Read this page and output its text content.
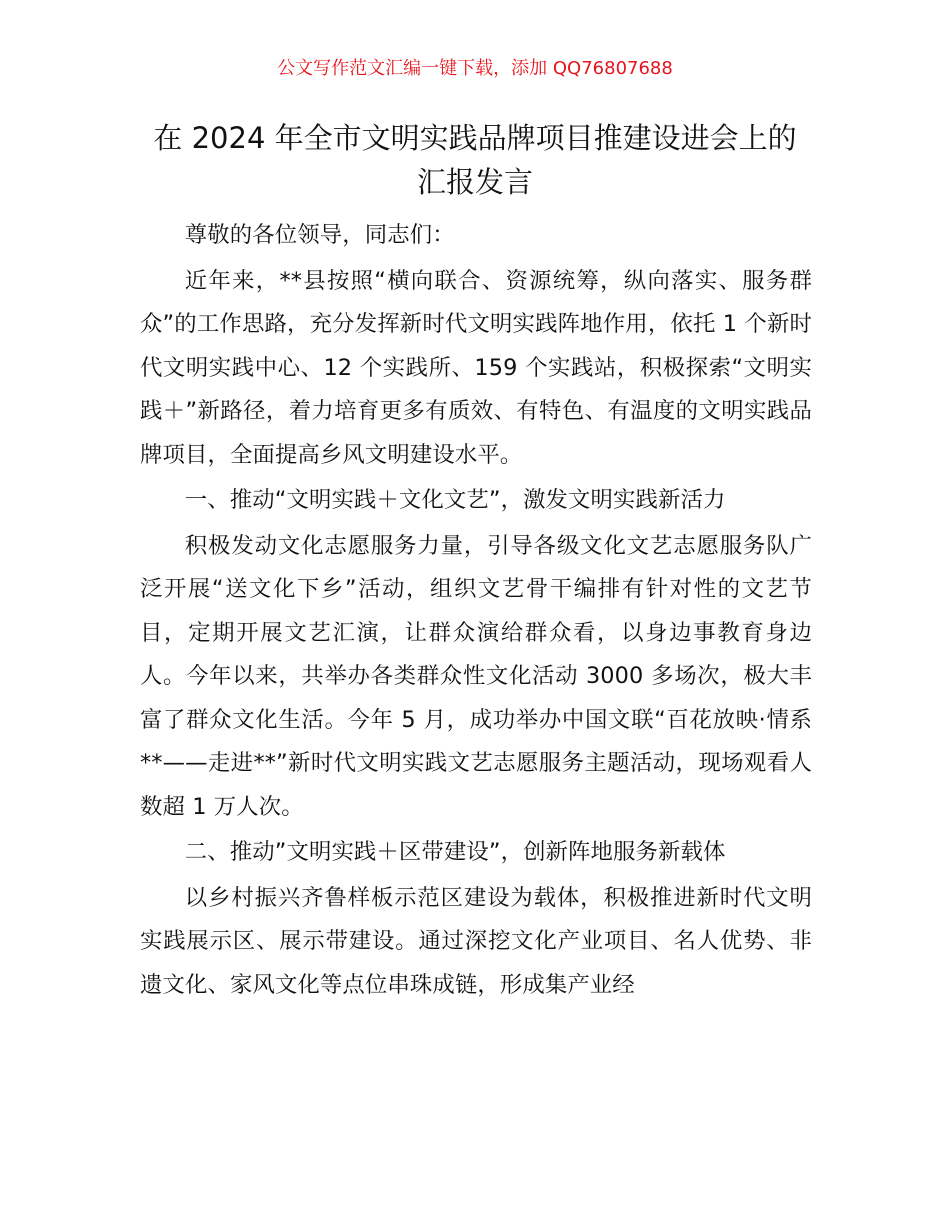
公文写作范文汇编一键下载，添加 QQ76807688
在 2024 年全市文明实践品牌项目推建设进会上的汇报发言

尊敬的各位领导，同志们：

近年来，**县按照“横向联合、资源统筹，纵向落实、服务群众”的工作思路，充分发挥新时代文明实践阵地作用，依托 1 个新时代文明实践中心、12 个实践所、159 个实践站，积极探索“文明实践＋”新路径，着力培育更多有质效、有特色、有温度的文明实践品牌项目，全面提高乡风文明建设水平。

一、推动“文明实践＋文化文艺”，激发文明实践新活力

积极发动文化志愿服务力量，引导各级文化文艺志愿服务队广泛开展“送文化下乡”活动，组织文艺骨干编排有针对性的文艺节目，定期开展文艺汇演，让群众演给群众看，以身边事教育身边人。今年以来，共举办各类群众性文化活动 3000 多场次，极大丰富了群众文化生活。今年 5 月，成功举办中国文联“百花放映·情系**——走进**”新时代文明实践文艺志愿服务主题活动，现场观看人数超 1 万人次。

二、推动”文明实践＋区带建设”，创新阵地服务新载体

以乡村振兴齐鲁样板示范区建设为载体，积极推进新时代文明实践展示区、展示带建设。通过深挖文化产业项目、名人优势、非遗文化、家风文化等点位串珠成链，形成集产业经
